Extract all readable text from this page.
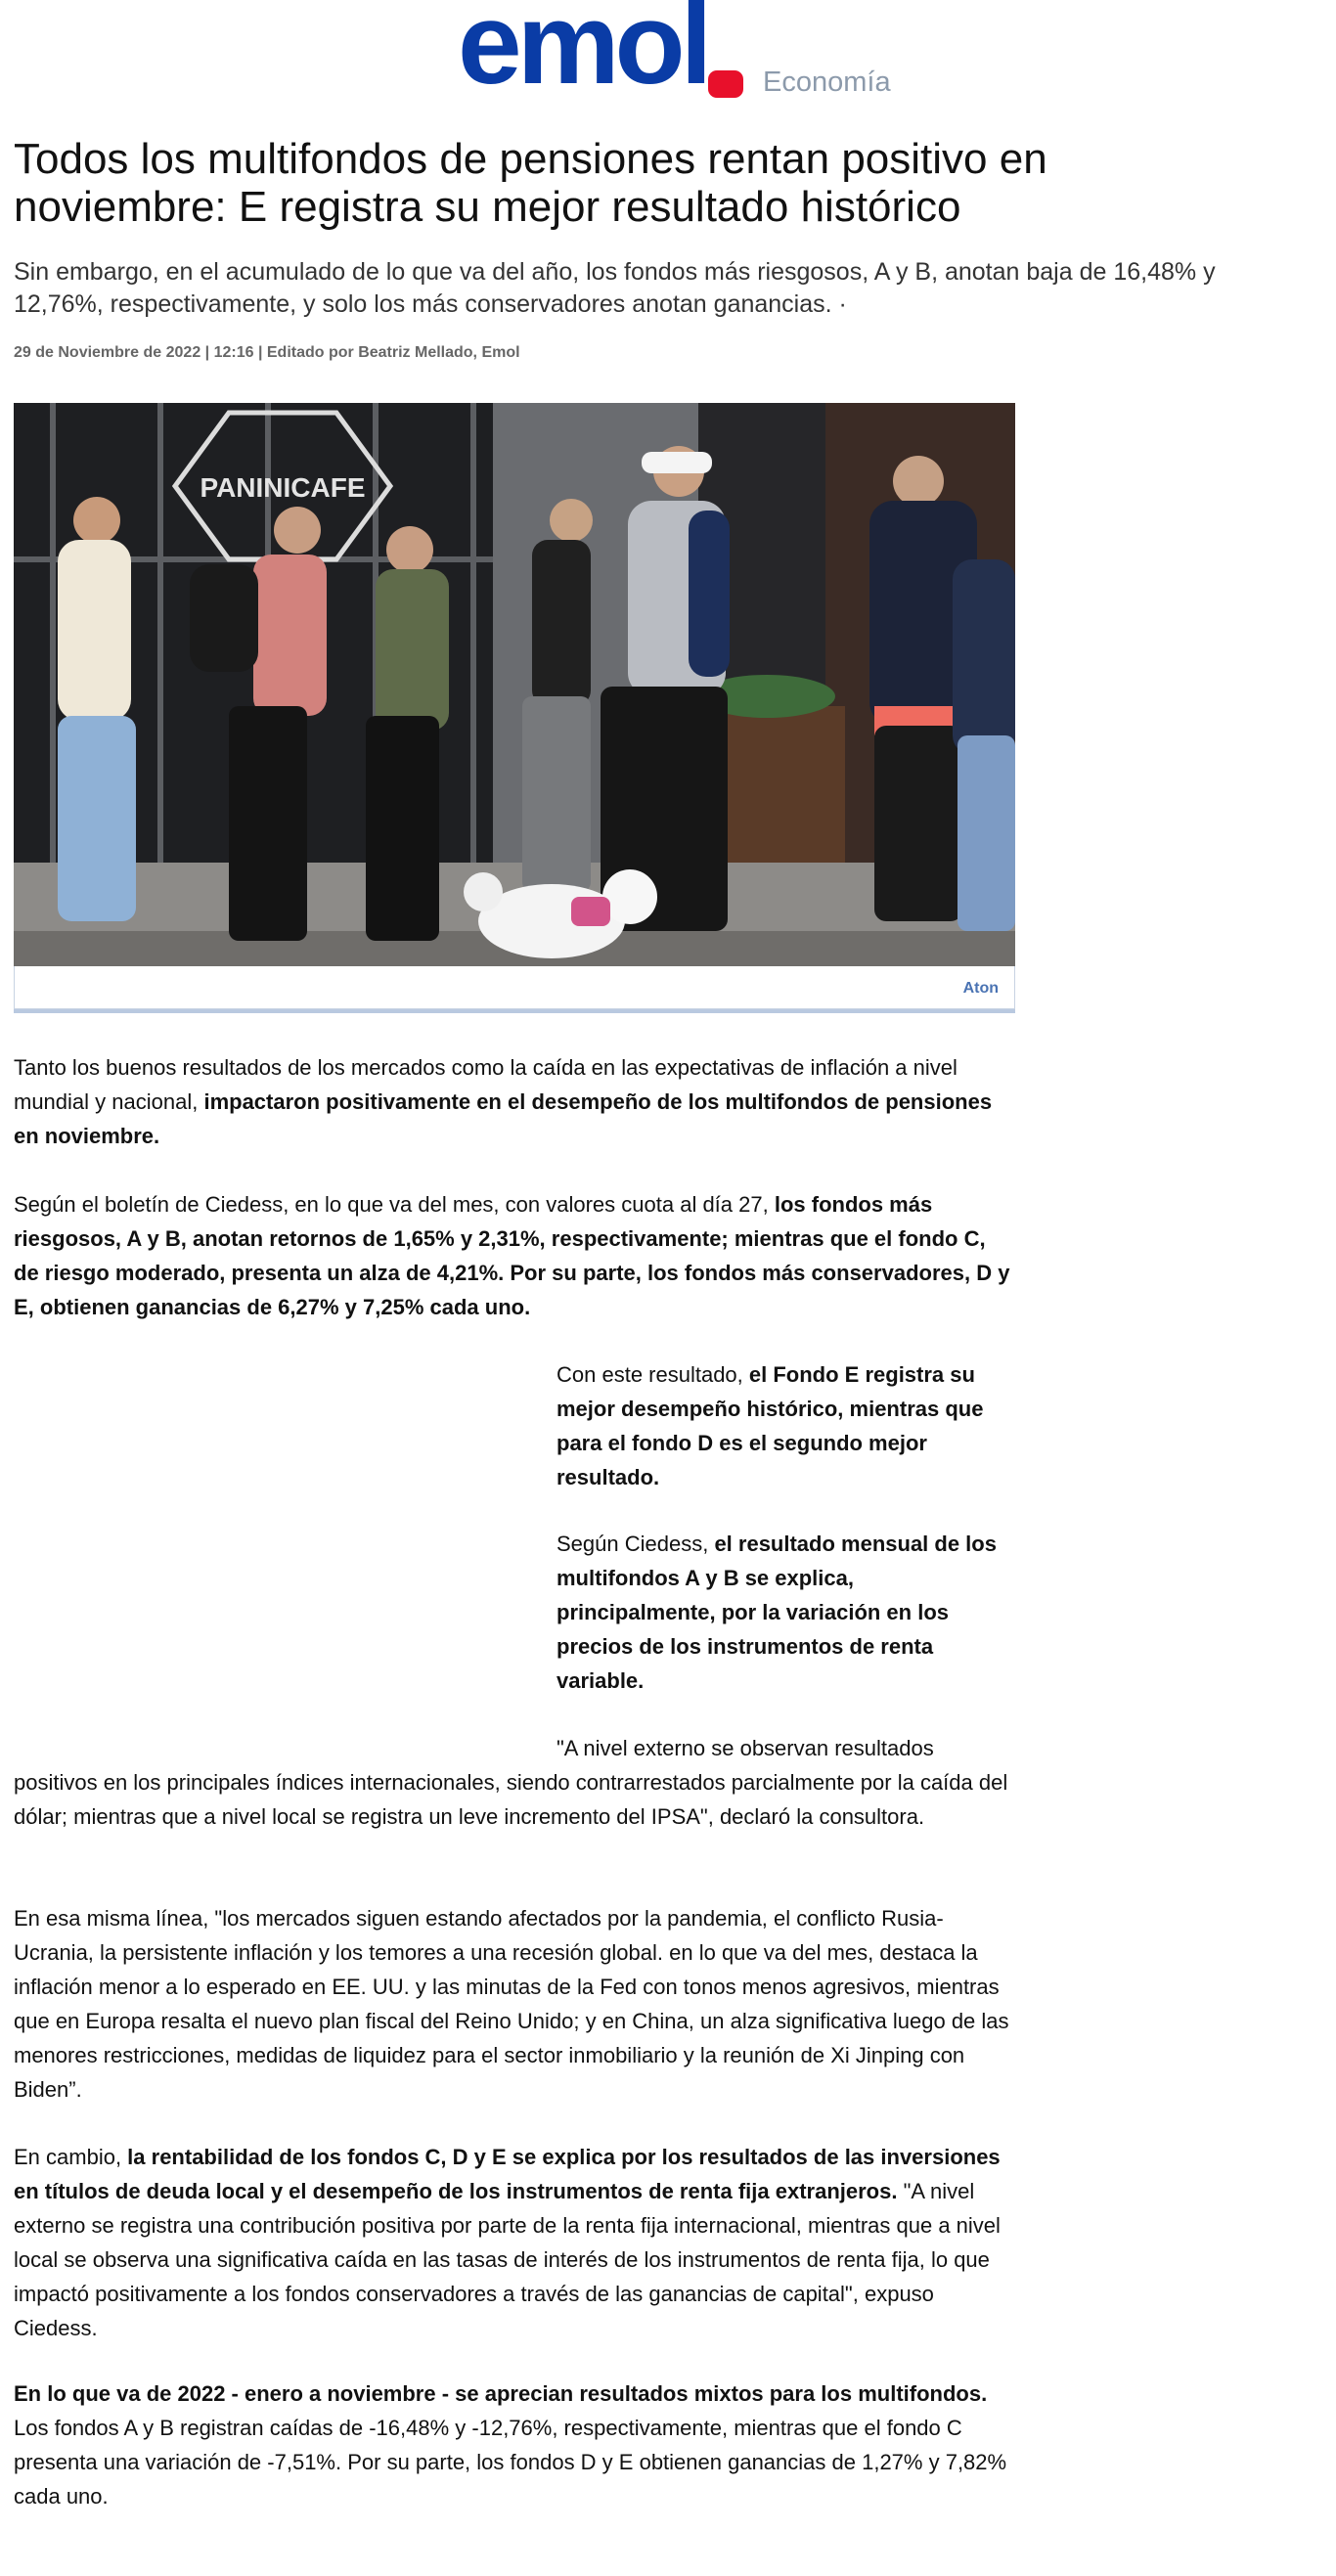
emol Economía
Todos los multifondos de pensiones rentan positivo en noviembre: E registra su mejor resultado histórico

Sin embargo, en el acumulado de lo que va del año, los fondos más riesgosos, A y B, anotan baja de 16,48% y 12,76%, respectivamente, y solo los más conservadores anotan ganancias. ·

29 de Noviembre de 2022 | 12:16 | Editado por Beatriz Mellado, Emol
PANINICAFE
Aton

Tanto los buenos resultados de los mercados como la caída en las expectativas de inflación a nivel mundial y nacional, impactaron positivamente en el desempeño de los multifondos de pensiones en noviembre.

Según el boletín de Ciedess, en lo que va del mes, con valores cuota al día 27, los fondos más riesgosos, A y B, anotan retornos de 1,65% y 2,31%, respectivamente; mientras que el fondo C, de riesgo moderado, presenta un alza de 4,21%. Por su parte, los fondos más conservadores, D y E, obtienen ganancias de 6,27% y 7,25% cada uno.

Con este resultado, el Fondo E registra su mejor desempeño histórico, mientras que para el fondo D es el segundo mejor resultado.

Según Ciedess, el resultado mensual de los multifondos A y B se explica, principalmente, por la variación en los precios de los instrumentos de renta variable.

"A nivel externo se observan resultados

positivos en los principales índices internacionales, siendo contrarrestados parcialmente por la caída del dólar; mientras que a nivel local se registra un leve incremento del IPSA", declaró la consultora.

En esa misma línea, "los mercados siguen estando afectados por la pandemia, el conflicto Rusia-Ucrania, la persistente inflación y los temores a una recesión global. en lo que va del mes, destaca la inflación menor a lo esperado en EE. UU. y las minutas de la Fed con tonos menos agresivos, mientras que en Europa resalta el nuevo plan fiscal del Reino Unido; y en China, un alza significativa luego de las menores restricciones, medidas de liquidez para el sector inmobiliario y la reunión de Xi Jinping con Biden”.

En cambio, la rentabilidad de los fondos C, D y E se explica por los resultados de las inversiones en títulos de deuda local y el desempeño de los instrumentos de renta fija extranjeros. "A nivel externo se registra una contribución positiva por parte de la renta fija internacional, mientras que a nivel local se observa una significativa caída en las tasas de interés de los instrumentos de renta fija, lo que impactó positivamente a los fondos conservadores a través de las ganancias de capital", expuso Ciedess.

En lo que va de 2022 - enero a noviembre - se aprecian resultados mixtos para los multifondos. Los fondos A y B registran caídas de -16,48% y -12,76%, respectivamente, mientras que el fondo C presenta una variación de -7,51%. Por su parte, los fondos D y E obtienen ganancias de 1,27% y 7,82% cada uno.
